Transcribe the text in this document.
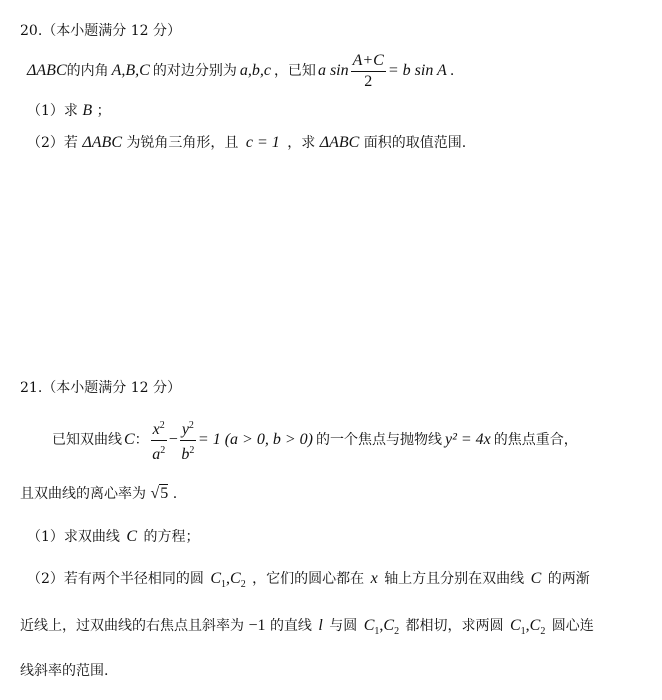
20.（本小题满分 12 分）
ΔABC 的内角 A,B,C 的对边分别为 a,b,c ，已知 a $\sin \frac{A+C}{2} = b$ sin A .
（1）求 B ；
（2）若 ΔABC 为锐角三角形，且 c = 1 ，求 ΔABC 面积的取值范围.
21.（本小题满分 12 分）
已知双曲线 C ： $\frac{x^2}{a^2} - \frac{y^2}{b^2} = 1$ (a > 0, b > 0) 的一个焦点与抛物线 y² = 4x 的焦点重合，
且双曲线的离心率为 √5 .
（1）求双曲线 C 的方程；
（2）若有两个半径相同的圆 $C_1,C_2$ ，它们的圆心都在 x 轴上方且分别在双曲线 C 的两渐
近线上，过双曲线的右焦点且斜率为 −1 的直线 l 与圆 $C_1,C_2$ 都相切，求两圆 $C_1,C_2$ 圆心连
线斜率的范围.
